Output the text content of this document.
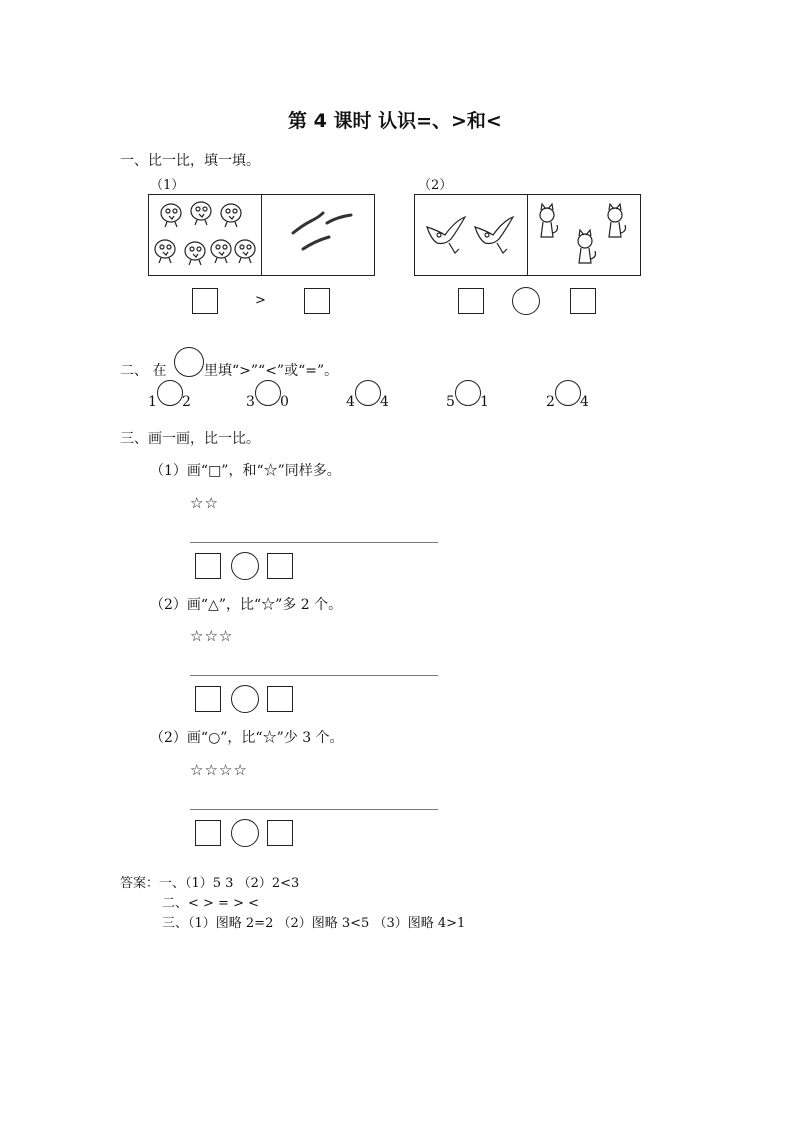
第 4 课时 认识=、>和<
一、比一比，填一填。
（1）	（2）
>
二、 在	里填“>”“<”或“=”。
1 2	3 0	4 4	5 1	2 4
三、画一画，比一比。
（1）画“□”，和“☆”同样多。
☆☆
（2）画“△”，比“☆”多 2 个。
☆☆☆
（2）画“○”，比“☆”少 3 个。
☆☆☆☆
答案：一、（1）5 3 （2）2<3
二、< > = > <
三、（1）图略 2=2 （2）图略 3<5 （3）图略 4>1
